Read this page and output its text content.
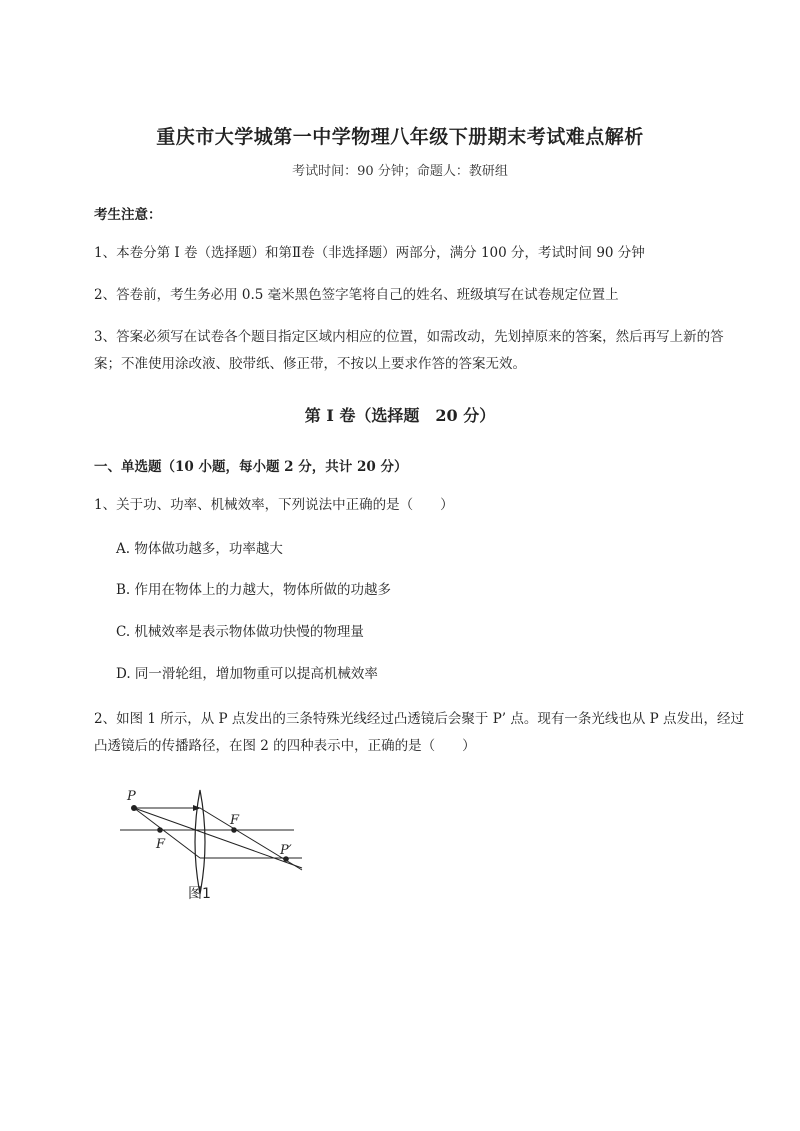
重庆市大学城第一中学物理八年级下册期末考试难点解析
考试时间：90 分钟；命题人：教研组
考生注意：
1、本卷分第 I 卷（选择题）和第Ⅱ卷（非选择题）两部分，满分 100 分，考试时间 90 分钟
2、答卷前，考生务必用 0.5 毫米黑色签字笔将自己的姓名、班级填写在试卷规定位置上
3、答案必须写在试卷各个题目指定区域内相应的位置，如需改动，先划掉原来的答案，然后再写上新的答案；不准使用涂改液、胶带纸、修正带，不按以上要求作答的答案无效。
第 I 卷（选择题　20 分）
一、单选题（10 小题，每小题 2 分，共计 20 分）
1、关于功、功率、机械效率，下列说法中正确的是（　　）
A. 物体做功越多，功率越大
B. 作用在物体上的力越大，物体所做的功越多
C. 机械效率是表示物体做功快慢的物理量
D. 同一滑轮组，增加物重可以提高机械效率
2、如图 1 所示，从 P 点发出的三条特殊光线经过凸透镜后会聚于 P’ 点。现有一条光线也从 P 点发出，经过凸透镜后的传播路径，在图 2 的四种表示中，正确的是（　　）
P
F
F
P′
图1
